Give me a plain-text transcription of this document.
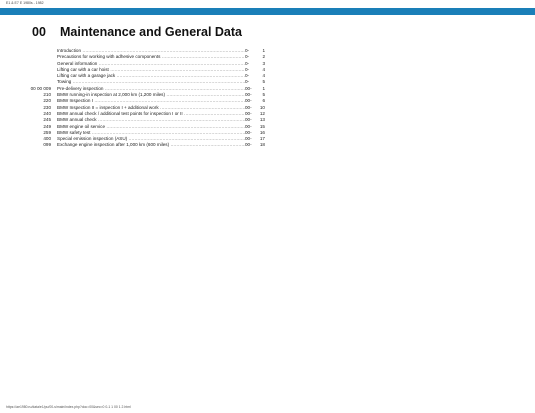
E1 & E7 E 1980s - 1982
00 Maintenance and General Data
Introduction .....	0-	1
Precautions for working with adhesive components .....	0-	2
General information .....	0-	3
Lifting car with a car hoist .....	0-	4
Lifting car with a garage jack .....	0-	4
Towing .....	0-	5
00 00 009 Pre-delivery inspection .....	00-	1
210 BMW running-in inspection at 2,000 km (1,200 miles) .....	00-	5
220 BMW Inspection I .....	00-	6
230 BMW Inspection II = inspection I + additional work .....	00-	10
240 BMW annual check / additional test points for inspection I or II .....	00-	12
245 BMW annual check .....	00-	13
249 BMW engine oil service .....	00-	15
259 BMW safety test .....	00-	16
400 Special emission inspection (ASU) .....	00-	17
099 Exchange engine inspection after 1,000 km (600 miles) .....	00-	18
https://ae1980.ru/data/e1/pu/00-s/main/index.php?doc=00&sec=0 0-1 1 00 1 2.html
